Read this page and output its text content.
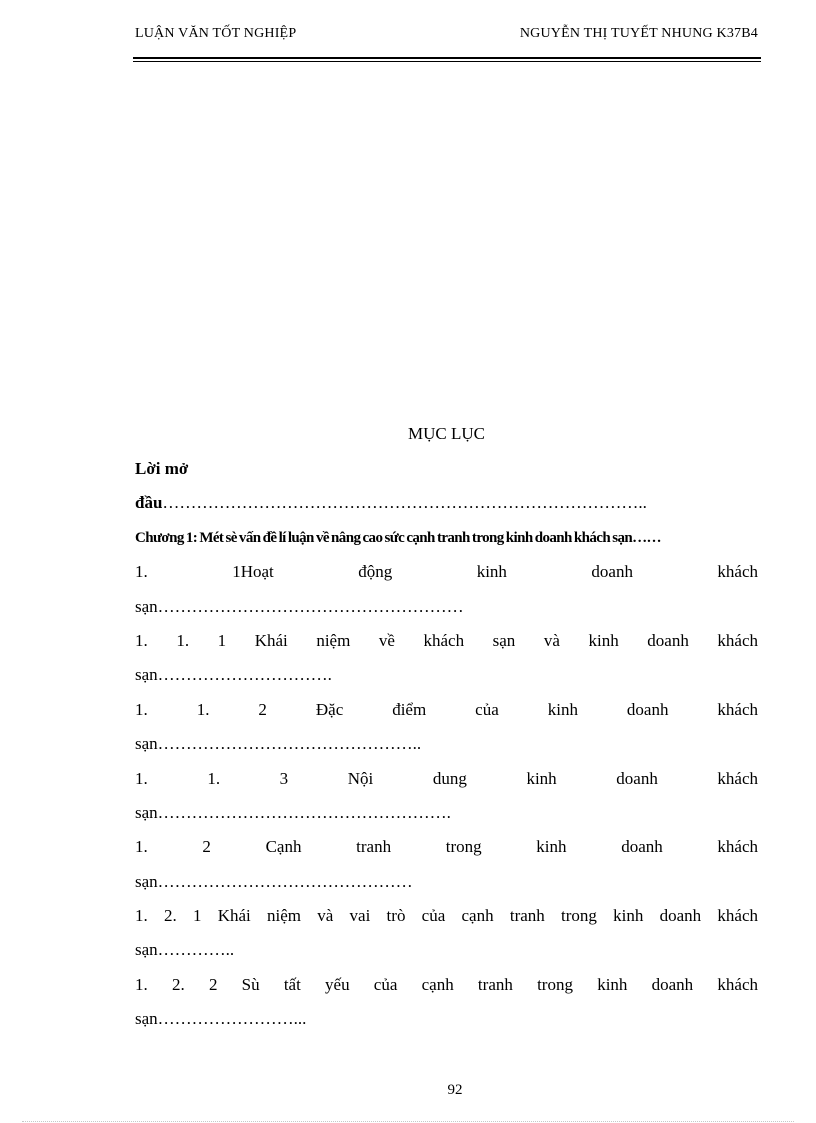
LUẬN VĂN TỐT NGHIỆP	NGUYỄN THỊ TUYẾT NHUNG K37B4
MỤC LỤC
Lời mở
đầu…………………………………………………………………………..
Chương 1: Mét sè vấn đề lí luận về nâng cao sức cạnh tranh trong kinh doanh khách sạn……
1. 1Hoạt động kinh doanh khách
sạn………………………………………………
1. 1. 1 Khái niệm về khách sạn và kinh doanh khách
sạn………………………….
1. 1. 2 Đặc điểm của kinh doanh khách
sạn………………………………………..
1. 1. 3 Nội dung kinh doanh khách
sạn…………………………………………….
1. 2 Cạnh tranh trong kinh doanh khách
sạn………………………………………
1. 2. 1 Khái niệm và vai trò của cạnh tranh trong kinh doanh khách
sạn…………..
1. 2. 2 Sù tất yếu của cạnh tranh trong kinh doanh khách
sạn……………………...
92
